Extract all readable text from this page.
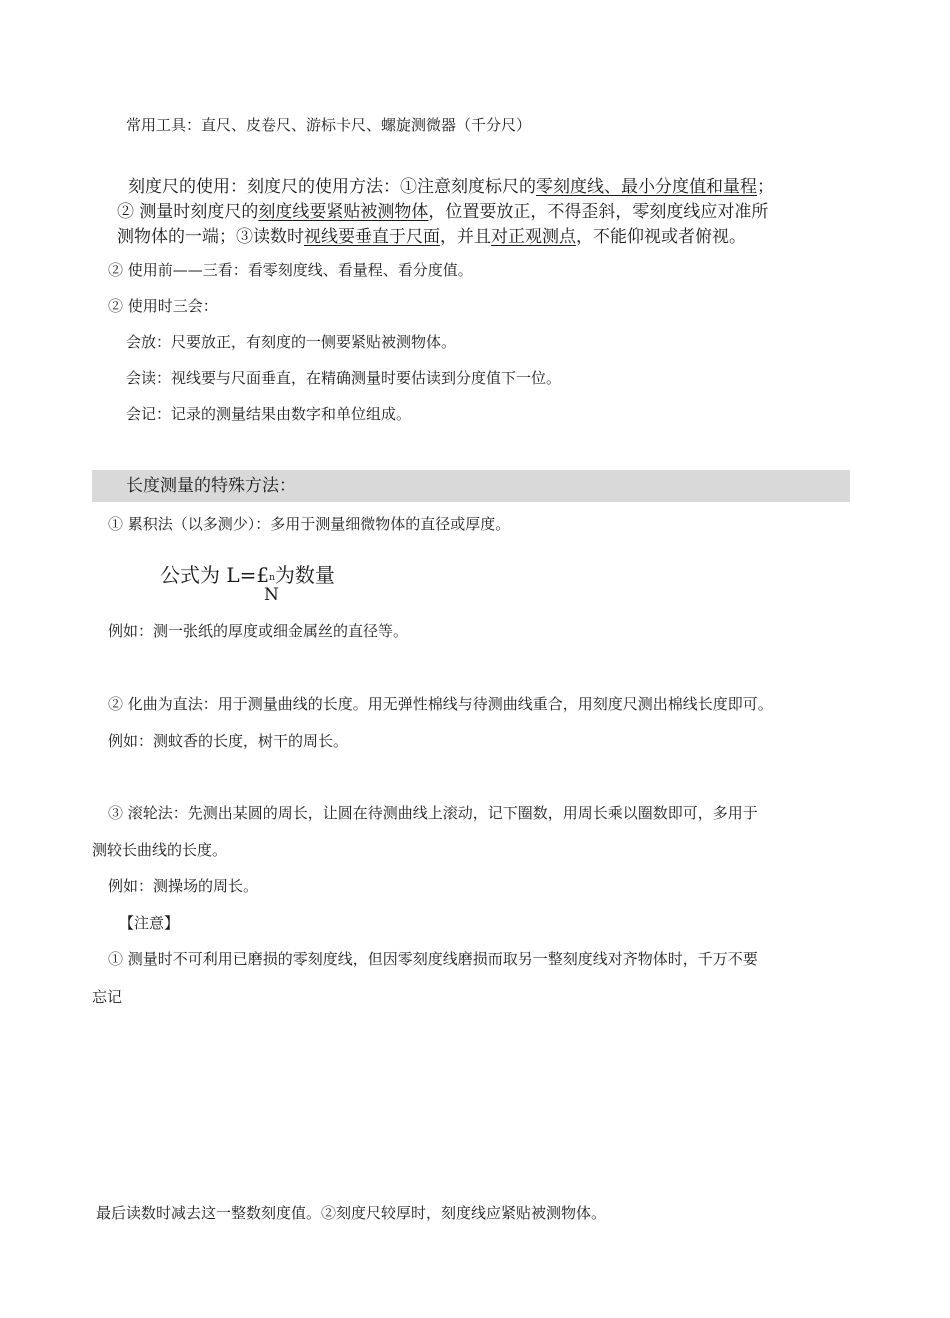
常用工具：直尺、皮卷尺、游标卡尺、螺旋测微器（千分尺）
刻度尺的使用：刻度尺的使用方法：①注意刻度标尺的零刻度线、最小分度值和量程；
② 测量时刻度尺的刻度线要紧贴被测物体，位置要放正，不得歪斜，零刻度线应对准所
测物体的一端；③读数时视线要垂直于尺面，并且对正观测点，不能仰视或者俯视。
② 使用前——三看：看零刻度线、看量程、看分度值。
② 使用时三会：
会放：尺要放正，有刻度的一侧要紧贴被测物体。
会读：视线要与尺面垂直，在精确测量时要估读到分度值下一位。
会记：记录的测量结果由数字和单位组成。
长度测量的特殊方法：
① 累积法（以多测少）：多用于测量细微物体的直径或厚度。
公式为 L=£n为数量
N
例如：测一张纸的厚度或细金属丝的直径等。
② 化曲为直法：用于测量曲线的长度。用无弹性棉线与待测曲线重合，用刻度尺测出棉线长度即可。
例如：测蚊香的长度，树干的周长。
③ 滚轮法：先测出某圆的周长，让圆在待测曲线上滚动，记下圈数，用周长乘以圈数即可，多用于
测较长曲线的长度。
例如：测操场的周长。
【注意】
① 测量时不可利用已磨损的零刻度线，但因零刻度线磨损而取另一整刻度线对齐物体时，千万不要
忘记
最后读数时减去这一整数刻度值。②刻度尺较厚时，刻度线应紧贴被测物体。
